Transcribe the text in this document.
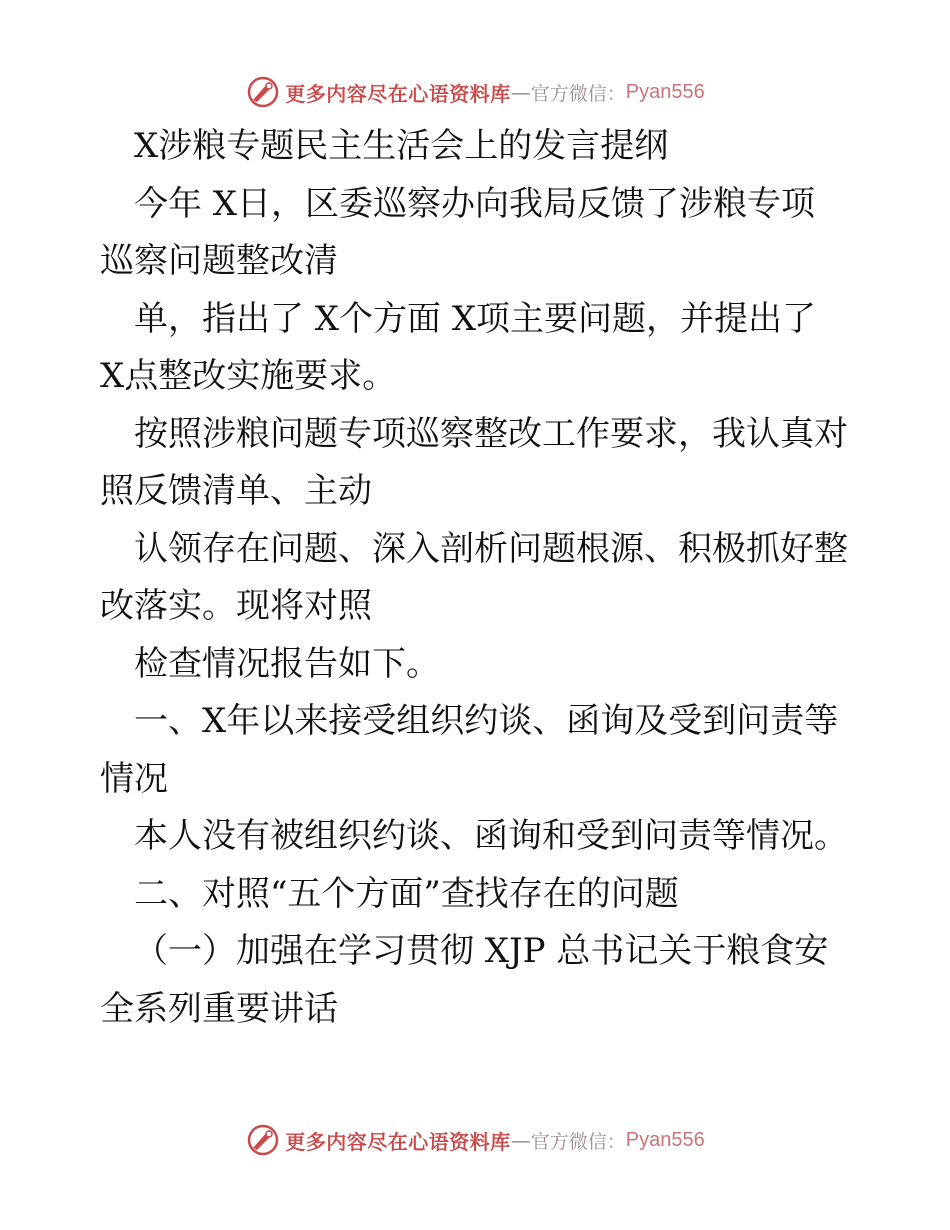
更多内容尽在心语资料库 — 官方微信： Pyan556
X涉粮专题民主生活会上的发言提纲
今年 X日，区委巡察办向我局反馈了涉粮专项
巡察问题整改清
单，指出了 X个方面 X项主要问题，并提出了
X点整改实施要求。
按照涉粮问题专项巡察整改工作要求，我认真对
照反馈清单、主动
认领存在问题、深入剖析问题根源、积极抓好整
改落实。现将对照
检查情况报告如下。
一、X年以来接受组织约谈、函询及受到问责等
情况
本人没有被组织约谈、函询和受到问责等情况。
二、对照“五个方面”查找存在的问题
（一）加强在学习贯彻 XJP 总书记关于粮食安
全系列重要讲话
更多内容尽在心语资料库 — 官方微信： Pyan556
